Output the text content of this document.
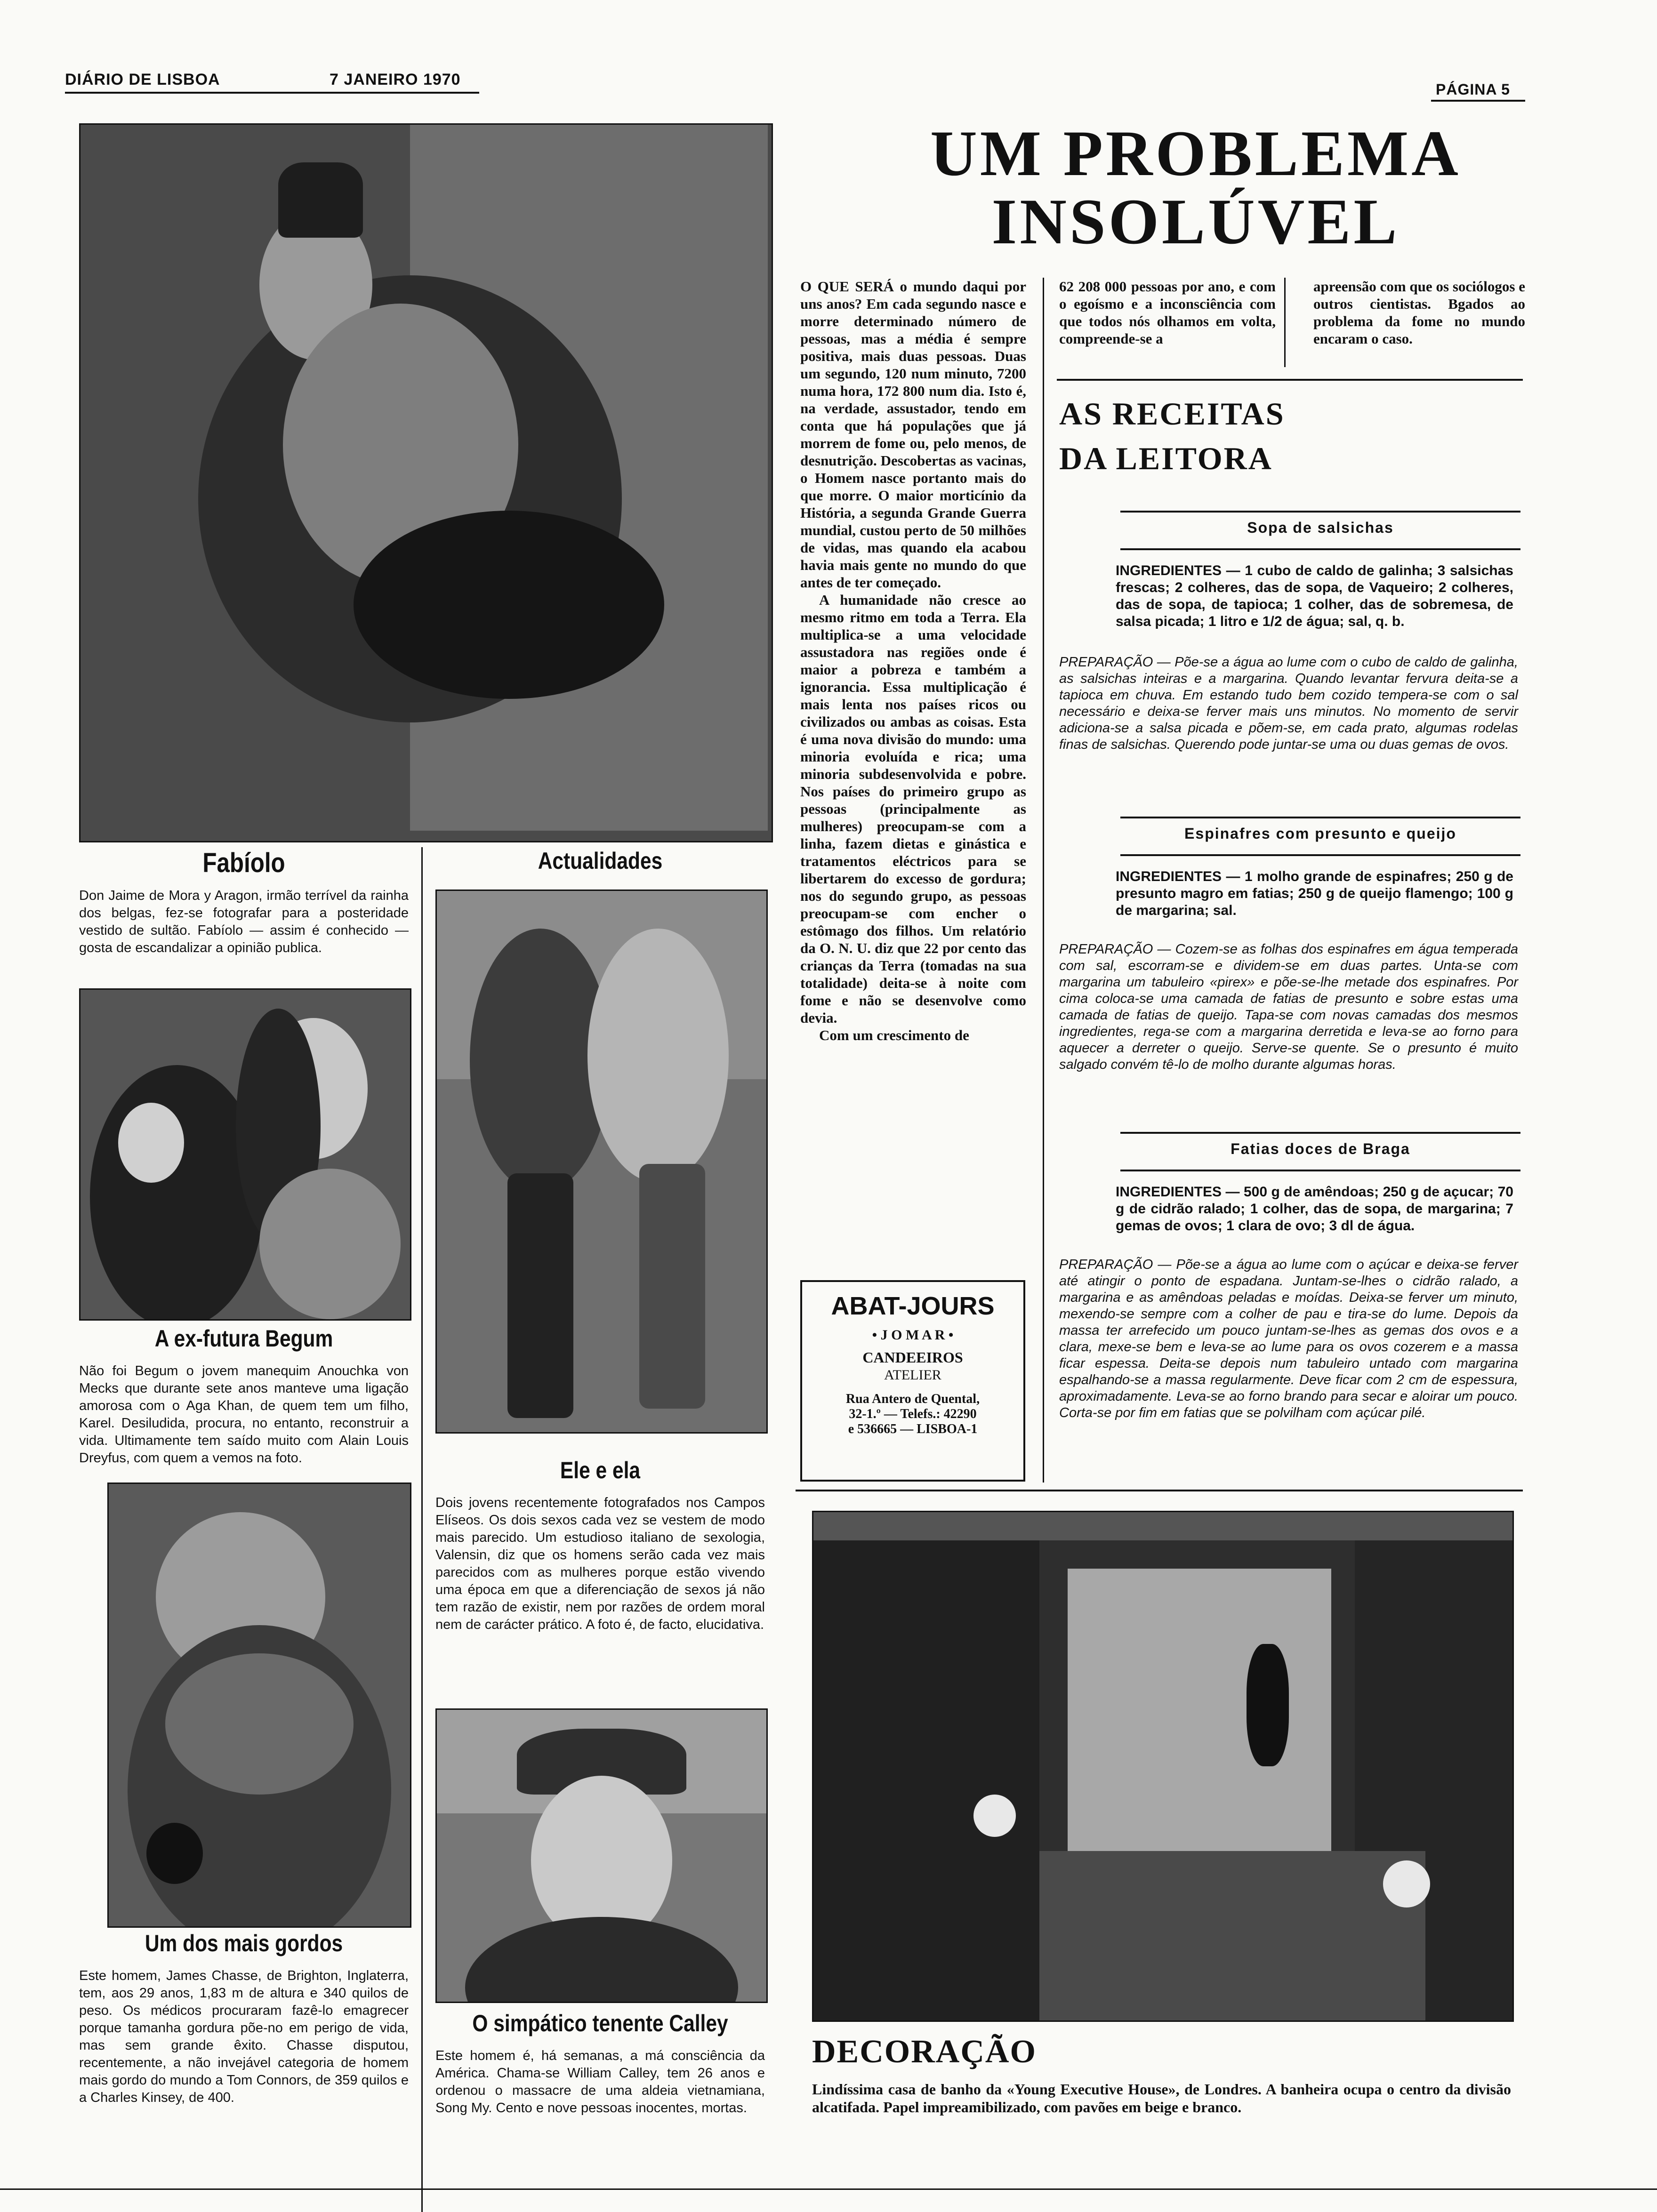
DIÁRIO DE LISBOA	7 JANEIRO 1970
PÁGINA 5
Fabíolo
Don Jaime de Mora y Aragon, irmão terrível da rainha dos belgas, fez-se fotografar para a posteridade vestido de sultão. Fabíolo — assim é conhecido — gosta de escandalizar a opinião publica.
A ex-futura Begum
Não foi Begum o jovem manequim Anouchka von Mecks que durante sete anos manteve uma ligação amorosa com o Aga Khan, de quem tem um filho, Karel. Desiludida, procura, no entanto, reconstruir a vida. Ultimamente tem saído muito com Alain Louis Dreyfus, com quem a vemos na foto.
Um dos mais gordos
Este homem, James Chasse, de Brighton, Inglaterra, tem, aos 29 anos, 1,83 m de altura e 340 quilos de peso. Os médicos procuraram fazê-lo emagrecer porque tamanha gordura põe-no em perigo de vida, mas sem grande êxito. Chasse disputou, recentemente, a não invejável categoria de homem mais gordo do mundo a Tom Connors, de 359 quilos e a Charles Kinsey, de 400.
Actualidades
Ele e ela
Dois jovens recentemente fotografados nos Campos Elíseos. Os dois sexos cada vez se vestem de modo mais parecido. Um estudioso italiano de sexologia, Valensin, diz que os homens serão cada vez mais parecidos com as mulheres porque estão vivendo uma época em que a diferenciação de sexos já não tem razão de existir, nem por razões de ordem moral nem de carácter prático. A foto é, de facto, elucidativa.
O simpático tenente Calley
Este homem é, há semanas, a má consciência da América. Chama-se William Calley, tem 26 anos e ordenou o massacre de uma aldeia vietnamiana, Song My. Cento e nove pessoas inocentes, mortas.
UM PROBLEMA
INSOLÚVEL

O QUE SERÁ o mundo daqui por uns anos? Em cada segundo nasce e morre determinado número de pessoas, mas a média é sempre positiva, mais duas pessoas. Duas um segundo, 120 num minuto, 7200 numa hora, 172 800 num dia. Isto é, na verdade, assustador, tendo em conta que há populações que já morrem de fome ou, pelo menos, de desnutrição. Descobertas as vacinas, o Homem nasce portanto mais do que morre. O maior morticínio da História, a segunda Grande Guerra mundial, custou perto de 50 milhões de vidas, mas quando ela acabou havia mais gente no mundo do que antes de ter começado.

A humanidade não cresce ao mesmo ritmo em toda a Terra. Ela multiplica-se a uma velocidade assustadora nas regiões onde é maior a pobreza e também a ignorancia. Essa multiplicação é mais lenta nos países ricos ou civilizados ou ambas as coisas. Esta é uma nova divisão do mundo: uma minoria evoluída e rica; uma minoria subdesenvolvida e pobre. Nos países do primeiro grupo as pessoas (principalmente as mulheres) preocupam-se com a linha, fazem dietas e ginástica e tratamentos eléctricos para se libertarem do excesso de gordura; nos do segundo grupo, as pessoas preocupam-se com encher o estômago dos filhos. Um relatório da O. N. U. diz que 22 por cento das crianças da Terra (tomadas na sua totalidade) deita-se à noite com fome e não se desenvolve como devia.

Com um crescimento de

62 208 000 pessoas por ano, e com o egoísmo e a inconsciência com que todos nós olhamos em volta, compreende-se a
apreensão com que os sociólogos e outros cientistas. Bgados ao problema da fome no mundo encaram o caso.
ABAT-JOURS
• J O M A R •
CANDEEIROS
ATELIER
Rua Antero de Quental,
32-1.º — Telefs.: 42290
e 536665 — LISBOA-1
AS RECEITAS
DA LEITORA
Sopa de salsichas
INGREDIENTES — 1 cubo de caldo de galinha; 3 salsichas frescas; 2 colheres, das de sopa, de Vaqueiro; 2 colheres, das de sopa, de tapioca; 1 colher, das de sobremesa, de salsa picada; 1 litro e 1/2 de água; sal, q. b.
PREPARAÇÃO — Põe-se a água ao lume com o cubo de caldo de galinha, as salsichas inteiras e a margarina. Quando levantar fervura deita-se a tapioca em chuva. Em estando tudo bem cozido tempera-se com o sal necessário e deixa-se ferver mais uns minutos. No momento de servir adiciona-se a salsa picada e põem-se, em cada prato, algumas rodelas finas de salsichas. Querendo pode juntar-se uma ou duas gemas de ovos.
Espinafres com presunto e queijo
INGREDIENTES — 1 molho grande de espinafres; 250 g de presunto magro em fatias; 250 g de queijo flamengo; 100 g de margarina; sal.
PREPARAÇÃO — Cozem-se as folhas dos espinafres em água temperada com sal, escorram-se e dividem-se em duas partes. Unta-se com margarina um tabuleiro «pirex» e põe-se-lhe metade dos espinafres. Por cima coloca-se uma camada de fatias de presunto e sobre estas uma camada de fatias de queijo. Tapa-se com novas camadas dos mesmos ingredientes, rega-se com a margarina derretida e leva-se ao forno para aquecer a derreter o queijo. Serve-se quente. Se o presunto é muito salgado convém tê-lo de molho durante algumas horas.
Fatias doces de Braga
INGREDIENTES — 500 g de amêndoas; 250 g de açucar; 70 g de cidrão ralado; 1 colher, das de sopa, de margarina; 7 gemas de ovos; 1 clara de ovo; 3 dl de água.
PREPARAÇÃO — Põe-se a água ao lume com o açúcar e deixa-se ferver até atingir o ponto de espadana. Juntam-se-lhes o cidrão ralado, a margarina e as amêndoas peladas e moídas. Deixa-se ferver um minuto, mexendo-se sempre com a colher de pau e tira-se do lume. Depois da massa ter arrefecido um pouco juntam-se-lhes as gemas dos ovos e a clara, mexe-se bem e leva-se ao lume para os ovos cozerem e a massa ficar espessa. Deita-se depois num tabuleiro untado com margarina espalhando-se a massa regularmente. Deve ficar com 2 cm de espessura, aproximadamente. Leva-se ao forno brando para secar e aloirar um pouco. Corta-se por fim em fatias que se polvilham com açúcar pilé.
DECORAÇÃO
Lindíssima casa de banho da «Young Executive House», de Londres. A banheira ocupa o centro da divisão alcatifada. Papel impreamibilizado, com pavões em beige e branco.
